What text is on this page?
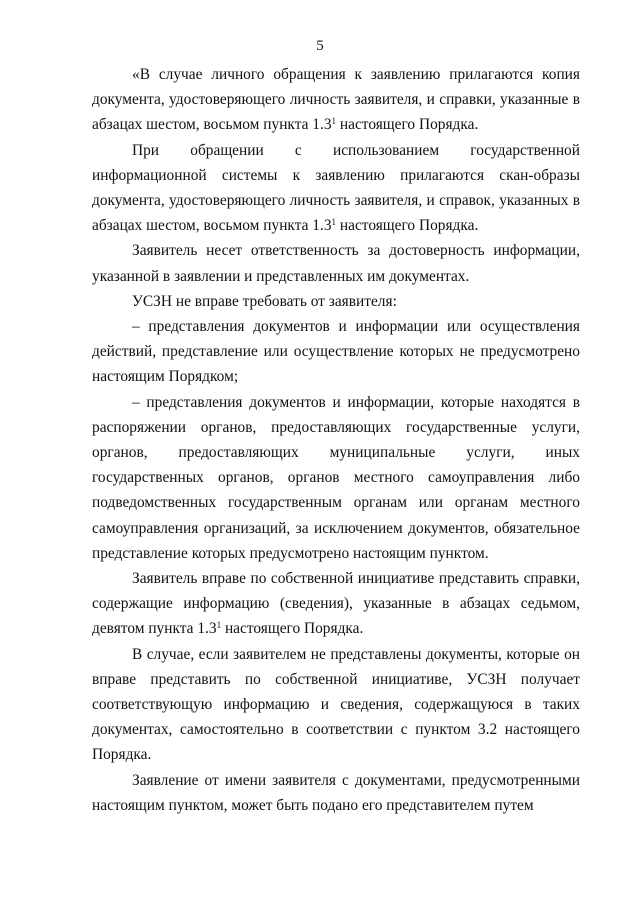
5

«В случае личного обращения к заявлению прилагаются копия документа, удостоверяющего личность заявителя, и справки, указанные в абзацах шестом, восьмом пункта $1.3^1$ настоящего Порядка.

При обращении с использованием государственной информационной системы к заявлению прилагаются скан-образы документа, удостоверяющего личность заявителя, и справок, указанных в абзацах шестом, восьмом пункта $1.3^1$ настоящего Порядка.

Заявитель несет ответственность за достоверность информации, указанной в заявлении и представленных им документах.

УСЗН не вправе требовать от заявителя:

– представления документов и информации или осуществления действий, представление или осуществление которых не предусмотрено настоящим Порядком;

– представления документов и информации, которые находятся в распоряжении органов, предоставляющих государственные услуги, органов, предоставляющих муниципальные услуги, иных государственных органов, органов местного самоуправления либо подведомственных государственным органам или органам местного самоуправления организаций, за исключением документов, обязательное представление которых предусмотрено настоящим пунктом.

Заявитель вправе по собственной инициативе представить справки, содержащие информацию (сведения), указанные в абзацах седьмом, девятом пункта $1.3^1$ настоящего Порядка.

В случае, если заявителем не представлены документы, которые он вправе представить по собственной инициативе, УСЗН получает соответствующую информацию и сведения, содержащуюся в таких документах, самостоятельно в соответствии с пунктом 3.2 настоящего Порядка.

Заявление от имени заявителя с документами, предусмотренными настоящим пунктом, может быть подано его представителем путем
